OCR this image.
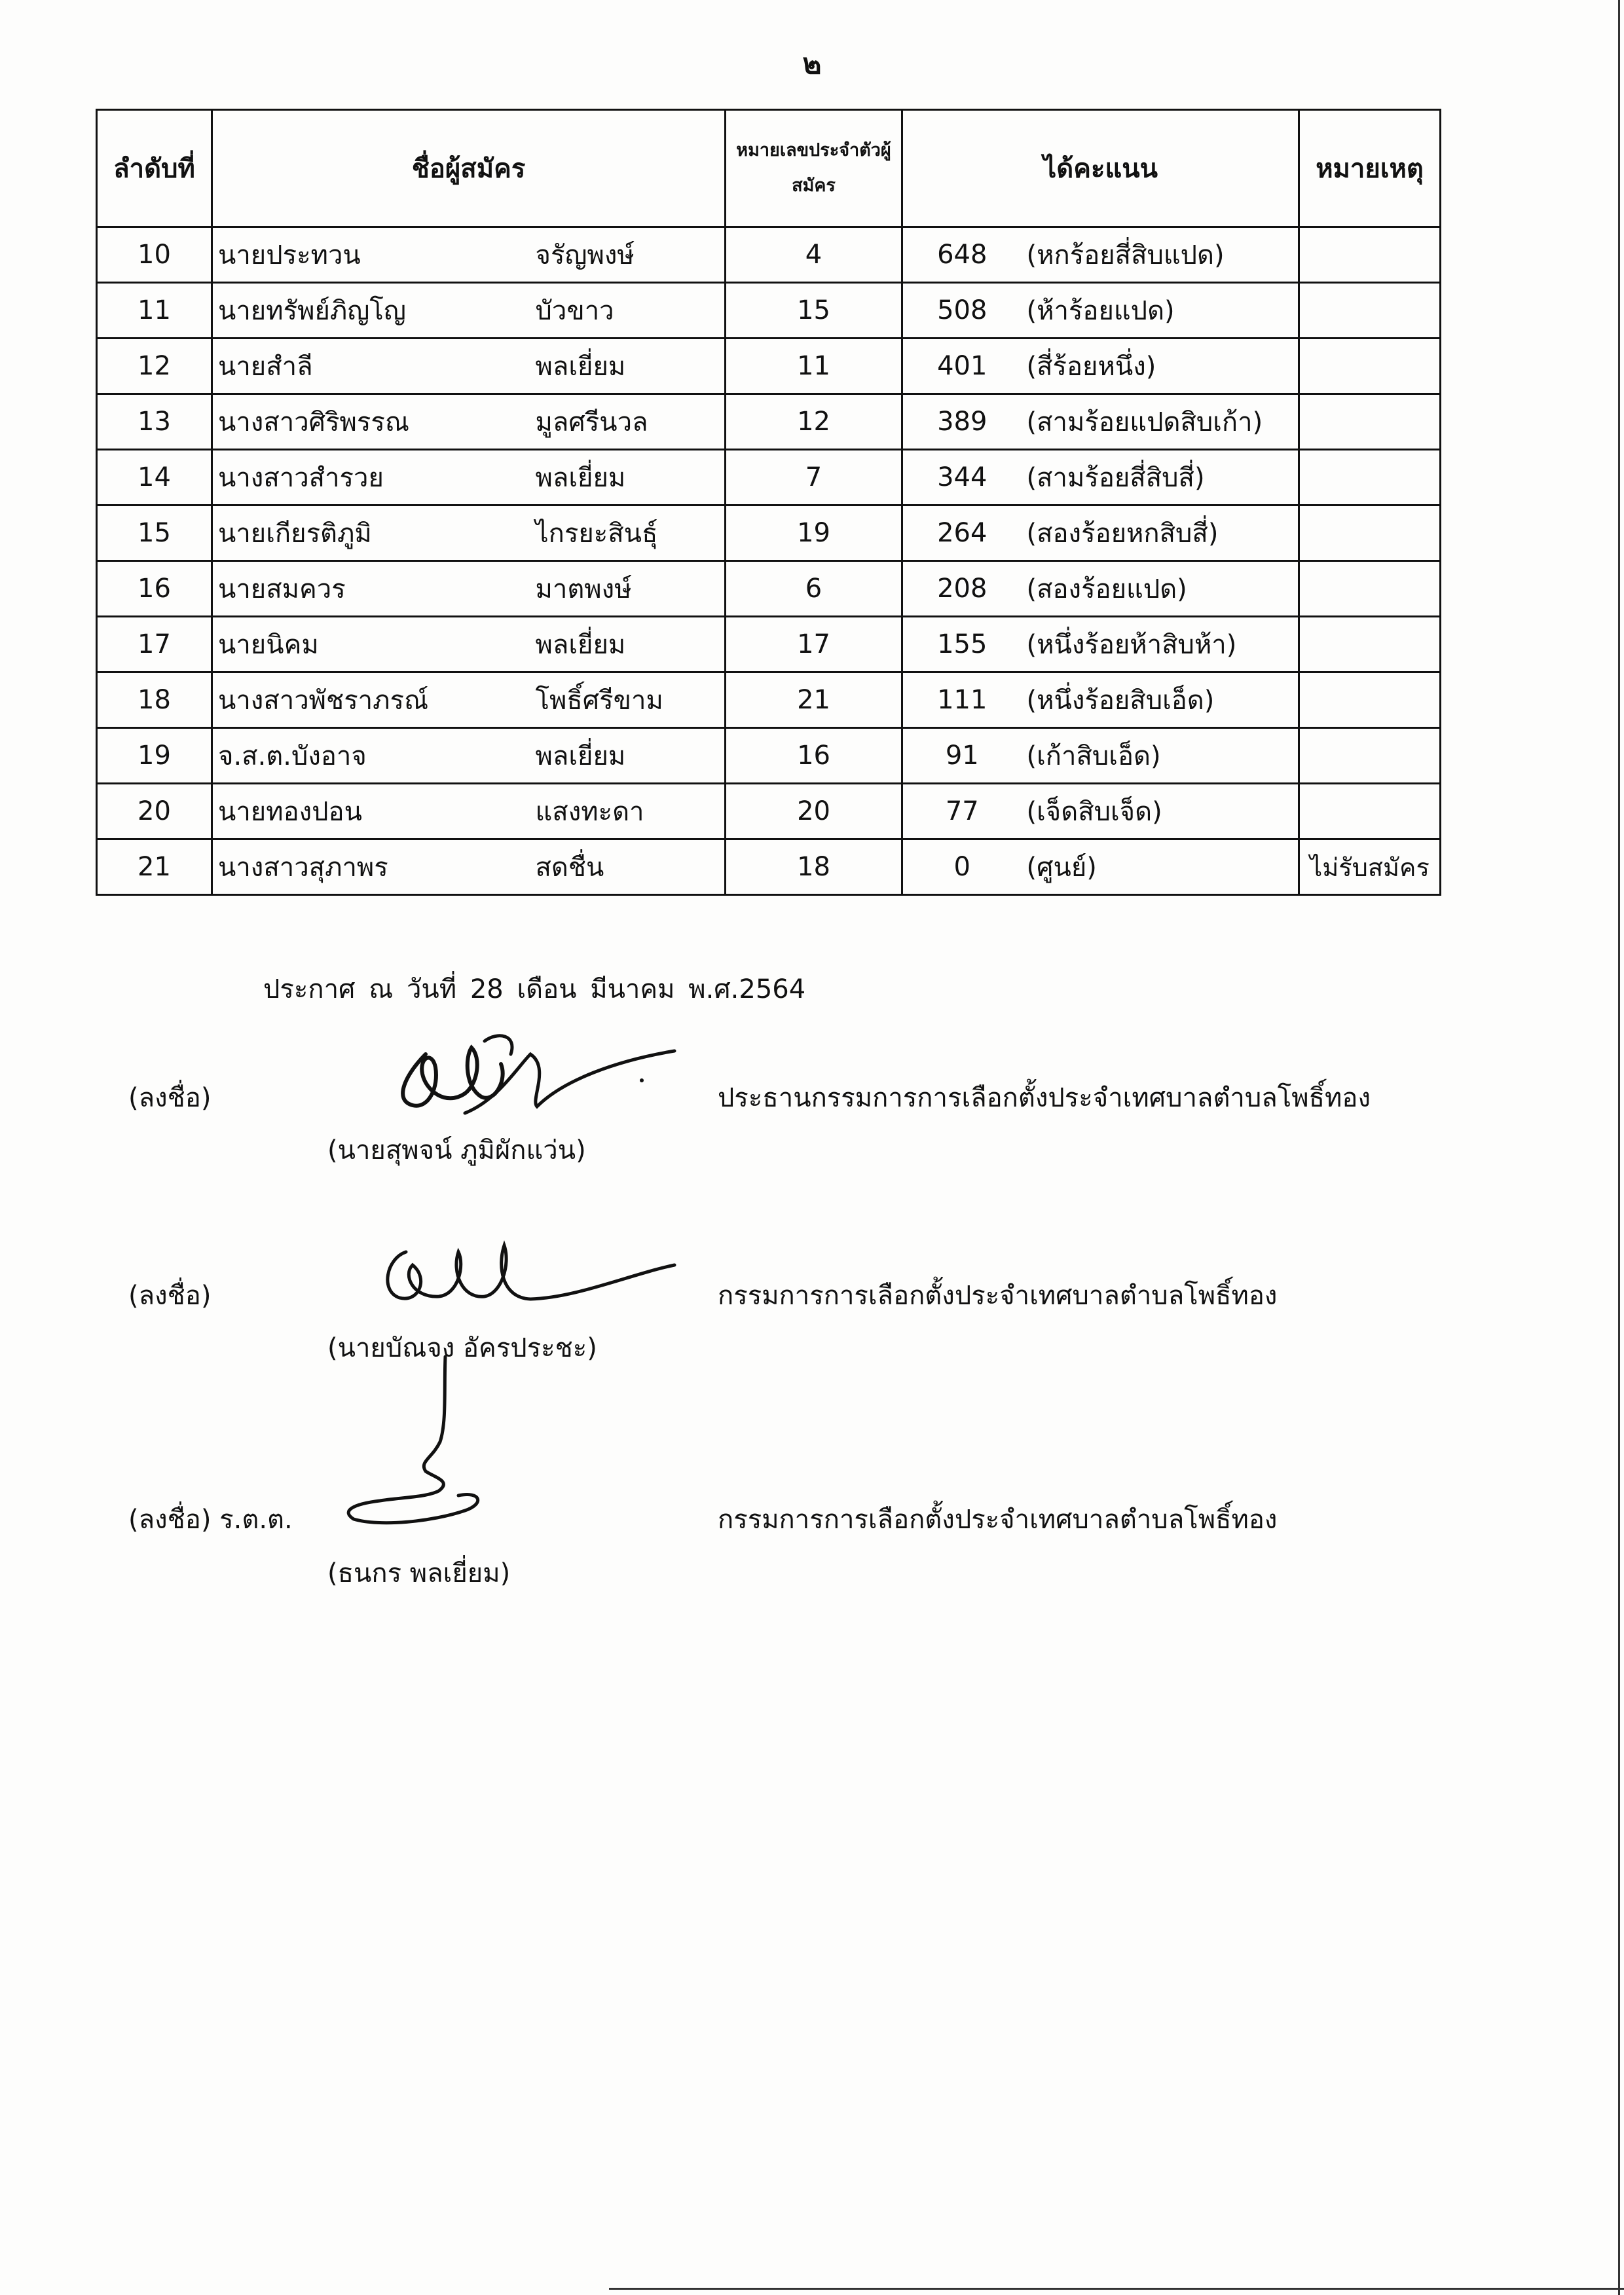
๒
ลำดับที่	ชื่อผู้สมัคร		หมายเลขประจำตัวผู้สมัคร	ได้คะแนน		หมายเหตุ
10	นายประทวน	จรัญพงษ์	4	648	(หกร้อยสี่สิบแปด)	
11	นายทรัพย์ภิญโญ	บัวขาว	15	508	(ห้าร้อยแปด)	
12	นายสำลี	พลเยี่ยม	11	401	(สี่ร้อยหนึ่ง)	
13	นางสาวศิริพรรณ	มูลศรีนวล	12	389	(สามร้อยแปดสิบเก้า)	
14	นางสาวสำรวย	พลเยี่ยม	7	344	(สามร้อยสี่สิบสี่)	
15	นายเกียรติภูมิ	ไกรยะสินธุ์	19	264	(สองร้อยหกสิบสี่)	
16	นายสมควร	มาตพงษ์	6	208	(สองร้อยแปด)	
17	นายนิคม	พลเยี่ยม	17	155	(หนึ่งร้อยห้าสิบห้า)	
18	นางสาวพัชราภรณ์	โพธิ์ศรีขาม	21	111	(หนึ่งร้อยสิบเอ็ด)	
19	จ.ส.ต.บังอาจ	พลเยี่ยม	16	91	(เก้าสิบเอ็ด)	
20	นายทองปอน	แสงทะดา	20	77	(เจ็ดสิบเจ็ด)	
21	นางสาวสุภาพร	สดชื่น	18	0	(ศูนย์)	ไม่รับสมัคร
ประกาศ ณ วันที่ 28 เดือน มีนาคม พ.ศ.2564
(ลงชื่อ)	ประธานกรรมการการเลือกตั้งประจำเทศบาลตำบลโพธิ์ทอง
(นายสุพจน์ ภูมิผักแว่น)
(ลงชื่อ)	กรรมการการเลือกตั้งประจำเทศบาลตำบลโพธิ์ทอง
(นายบัณจง อัครประชะ)
(ลงชื่อ) ร.ต.ต.	กรรมการการเลือกตั้งประจำเทศบาลตำบลโพธิ์ทอง
(ธนกร พลเยี่ยม)
